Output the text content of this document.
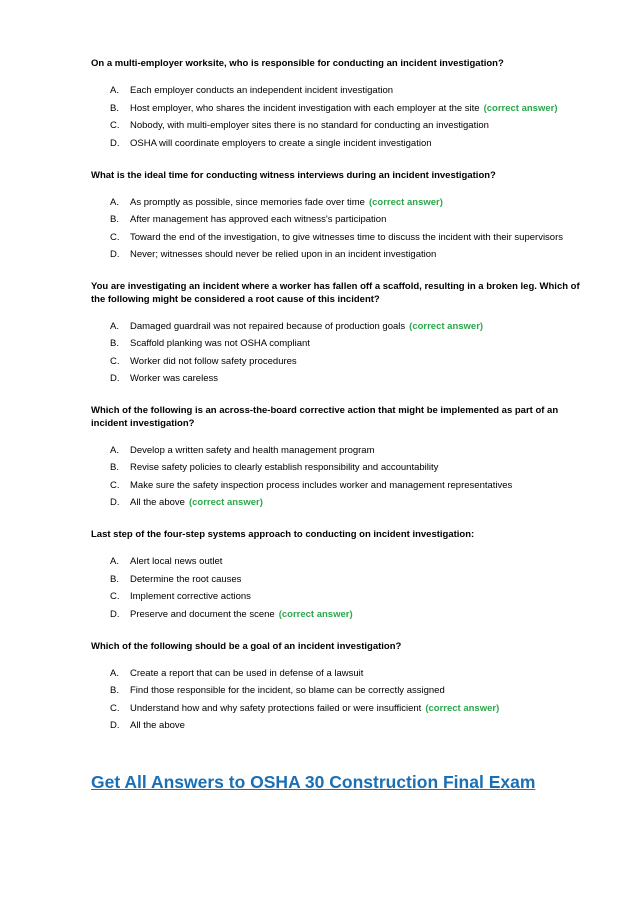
On a multi-employer worksite, who is responsible for conducting an incident investigation?

A. Each employer conducts an independent incident investigation
B. Host employer, who shares the incident investigation with each employer at the site (correct answer)
C. Nobody, with multi-employer sites there is no standard for conducting an investigation
D. OSHA will coordinate employers to create a single incident investigation

What is the ideal time for conducting witness interviews during an incident investigation?

A. As promptly as possible, since memories fade over time (correct answer)
B. After management has approved each witness's participation
C. Toward the end of the investigation, to give witnesses time to discuss the incident with their supervisors
D. Never; witnesses should never be relied upon in an incident investigation

You are investigating an incident where a worker has fallen off a scaffold, resulting in a broken leg. Which of the following might be considered a root cause of this incident?

A. Damaged guardrail was not repaired because of production goals (correct answer)
B. Scaffold planking was not OSHA compliant
C. Worker did not follow safety procedures
D. Worker was careless

Which of the following is an across-the-board corrective action that might be implemented as part of an incident investigation?

A. Develop a written safety and health management program
B. Revise safety policies to clearly establish responsibility and accountability
C. Make sure the safety inspection process includes worker and management representatives
D. All the above (correct answer)

Last step of the four-step systems approach to conducting on incident investigation:

A. Alert local news outlet
B. Determine the root causes
C. Implement corrective actions
D. Preserve and document the scene (correct answer)

Which of the following should be a goal of an incident investigation?

A. Create a report that can be used in defense of a lawsuit
B. Find those responsible for the incident, so blame can be correctly assigned
C. Understand how and why safety protections failed or were insufficient (correct answer)
D. All the above
Get All Answers to OSHA 30 Construction Final Exam
